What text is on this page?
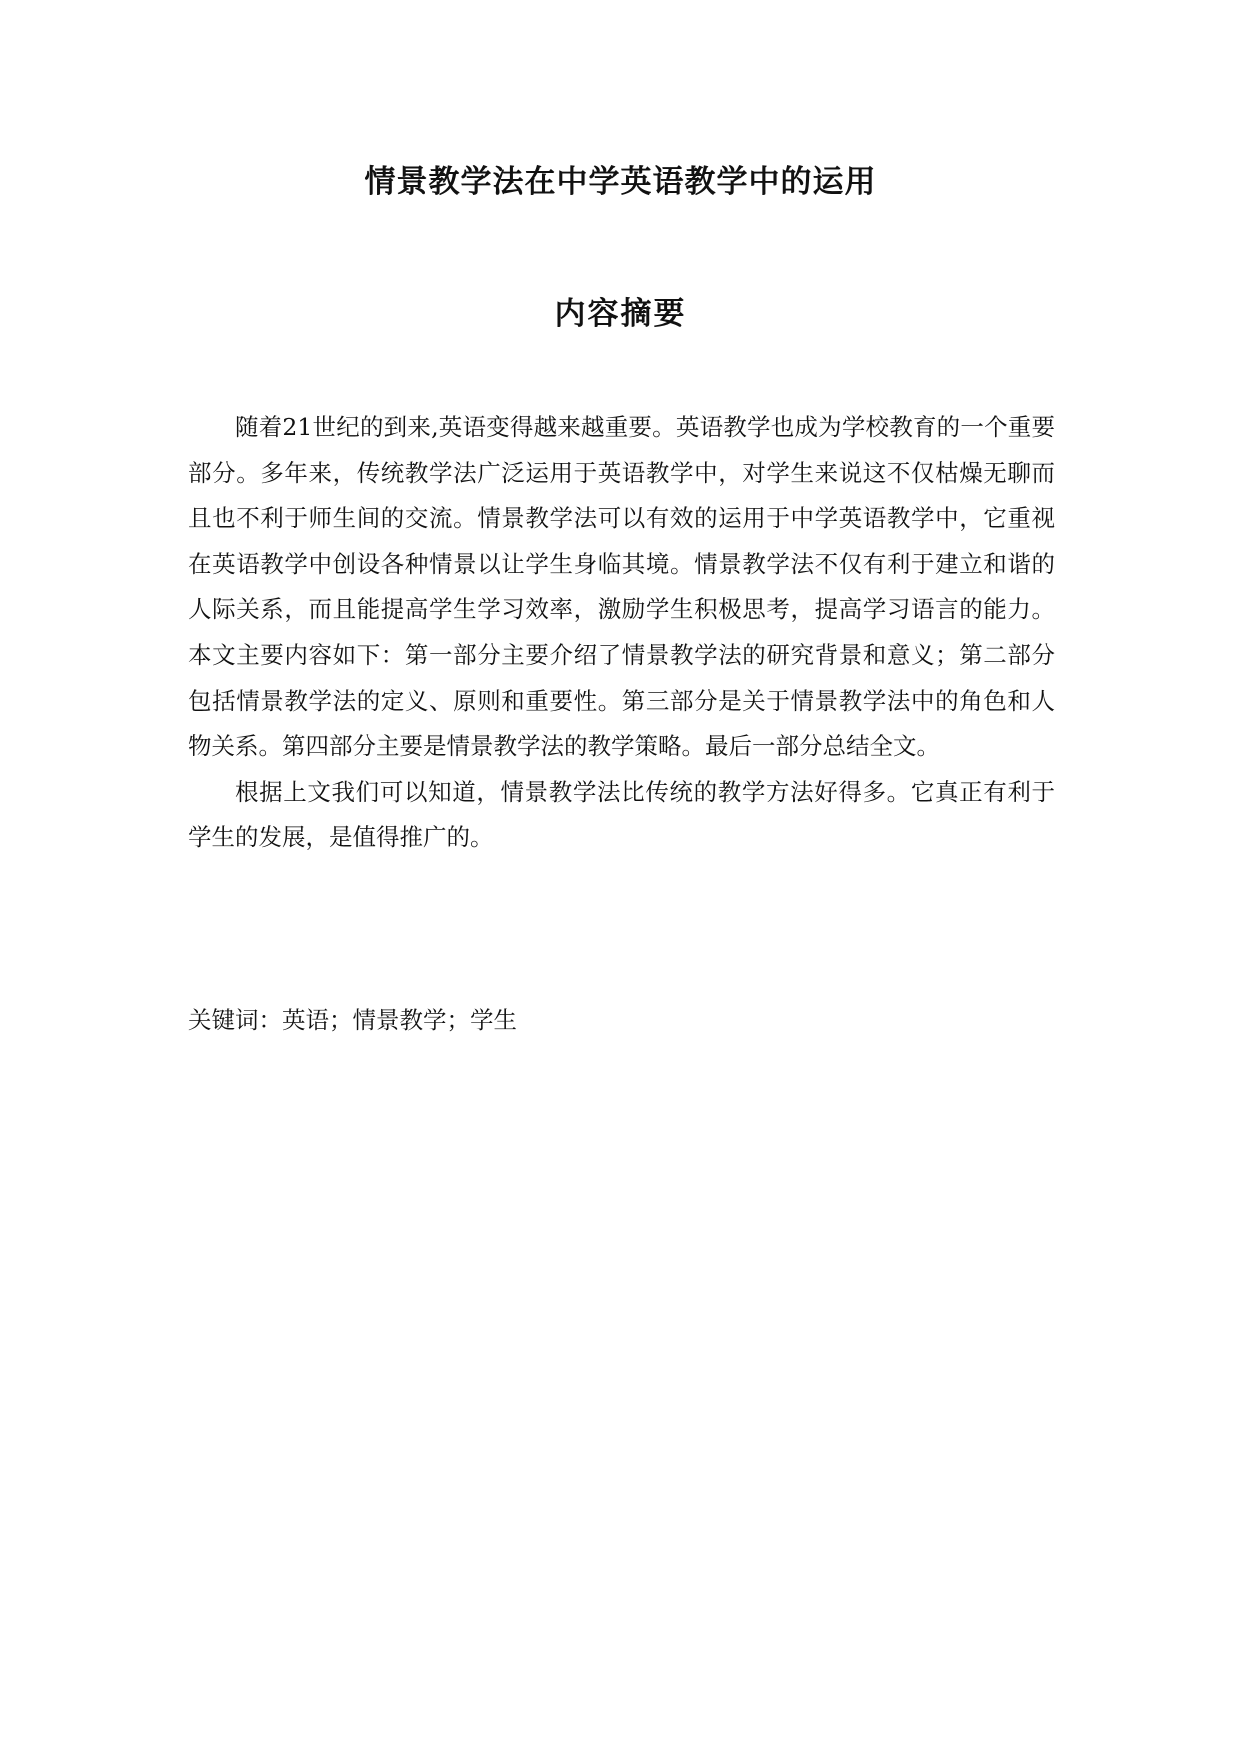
情景教学法在中学英语教学中的运用
内容摘要

随着21世纪的到来,英语变得越来越重要。英语教学也成为学校教育的一个重要部分。多年来，传统教学法广泛运用于英语教学中，对学生来说这不仅枯燥无聊而且也不利于师生间的交流。情景教学法可以有效的运用于中学英语教学中，它重视在英语教学中创设各种情景以让学生身临其境。情景教学法不仅有利于建立和谐的人际关系，而且能提高学生学习效率，激励学生积极思考，提高学习语言的能力。本文主要内容如下：第一部分主要介绍了情景教学法的研究背景和意义；第二部分包括情景教学法的定义、原则和重要性。第三部分是关于情景教学法中的角色和人物关系。第四部分主要是情景教学法的教学策略。最后一部分总结全文。

根据上文我们可以知道，情景教学法比传统的教学方法好得多。它真正有利于学生的发展，是值得推广的。

关键词：英语；情景教学；学生
